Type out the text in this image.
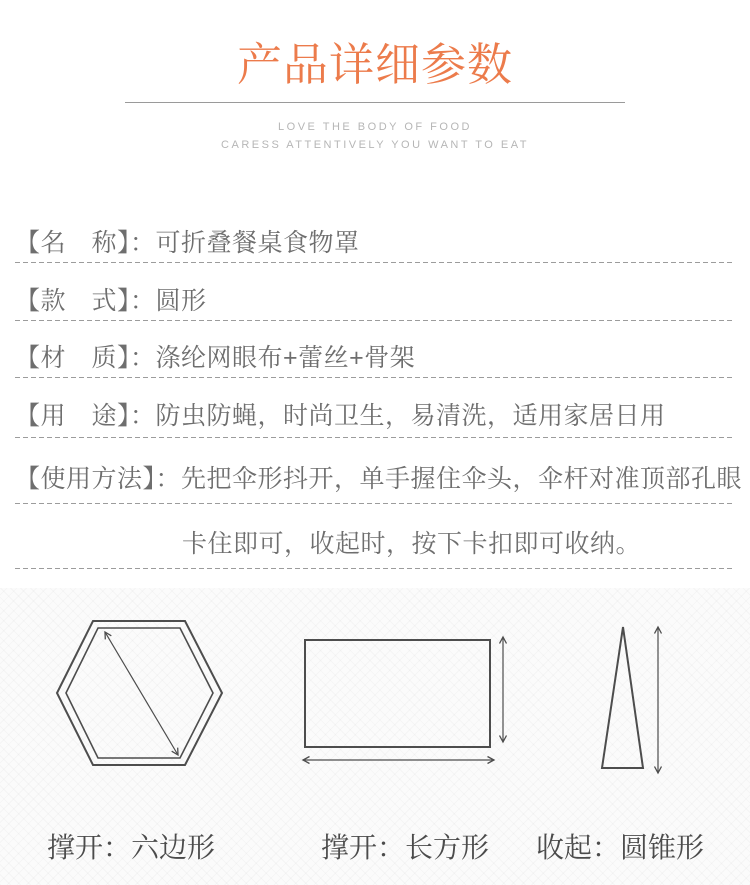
产品详细参数
LOVE THE BODY OF FOOD
CARESS ATTENTIVELY YOU WANT TO EAT
【名　称】：可折叠餐桌食物罩
【款　式】：圆形
【材　质】：涤纶网眼布+蕾丝+骨架
【用　途】：防虫防蝇，时尚卫生，易清洗，适用家居日用
【使用方法】：先把伞形抖开，单手握住伞头，伞杆对准顶部孔眼
卡住即可，收起时，按下卡扣即可收纳。
撑开：六边形	撑开：长方形	收起：圆锥形
